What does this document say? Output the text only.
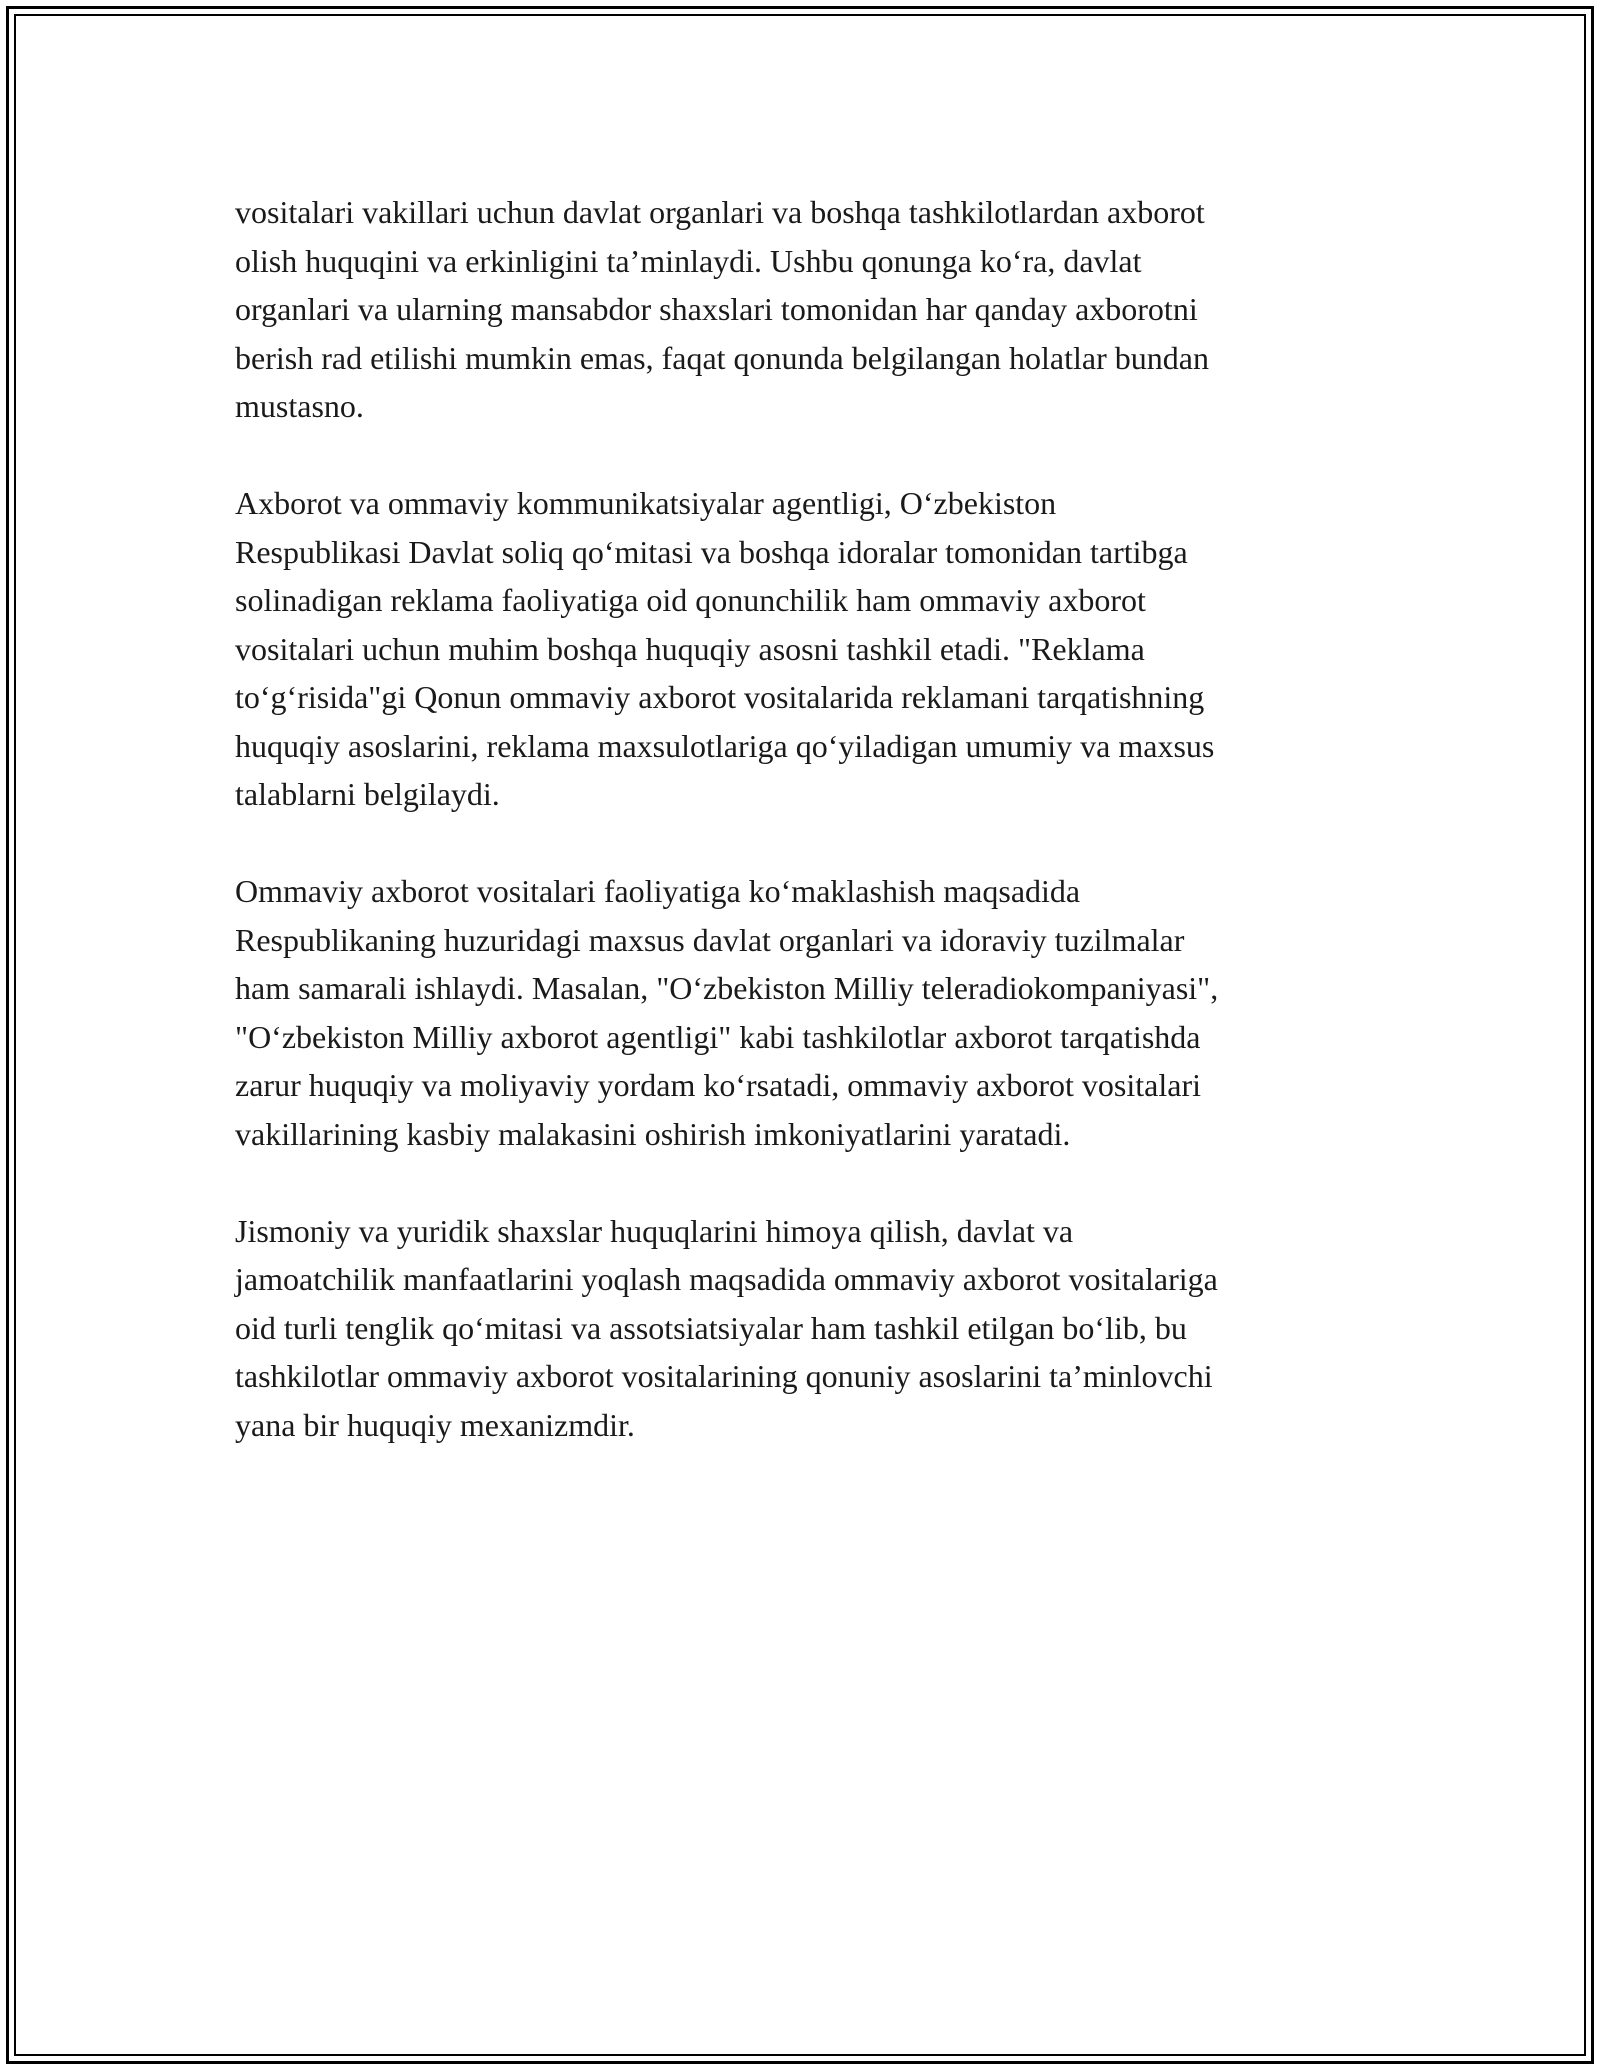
vositalari vakillari uchun davlat organlari va boshqa tashkilotlardan axborot
olish huquqini va erkinligini ta’minlaydi. Ushbu qonunga ko‘ra, davlat
organlari va ularning mansabdor shaxslari tomonidan har qanday axborotni
berish rad etilishi mumkin emas, faqat qonunda belgilangan holatlar bundan
mustasno.

Axborot va ommaviy kommunikatsiyalar agentligi, O‘zbekiston
Respublikasi Davlat soliq qo‘mitasi va boshqa idoralar tomonidan tartibga
solinadigan reklama faoliyatiga oid qonunchilik ham ommaviy axborot
vositalari uchun muhim boshqa huquqiy asosni tashkil etadi. "Reklama
to‘g‘risida"gi Qonun ommaviy axborot vositalarida reklamani tarqatishning
huquqiy asoslarini, reklama maxsulotlariga qo‘yiladigan umumiy va maxsus
talablarni belgilaydi.

Ommaviy axborot vositalari faoliyatiga ko‘maklashish maqsadida
Respublikaning huzuridagi maxsus davlat organlari va idoraviy tuzilmalar
ham samarali ishlaydi. Masalan, "O‘zbekiston Milliy teleradiokompaniyasi",
"O‘zbekiston Milliy axborot agentligi" kabi tashkilotlar axborot tarqatishda
zarur huquqiy va moliyaviy yordam ko‘rsatadi, ommaviy axborot vositalari
vakillarining kasbiy malakasini oshirish imkoniyatlarini yaratadi.

Jismoniy va yuridik shaxslar huquqlarini himoya qilish, davlat va
jamoatchilik manfaatlarini yoqlash maqsadida ommaviy axborot vositalariga
oid turli tenglik qo‘mitasi va assotsiatsiyalar ham tashkil etilgan bo‘lib, bu
tashkilotlar ommaviy axborot vositalarining qonuniy asoslarini ta’minlovchi
yana bir huquqiy mexanizmdir.
